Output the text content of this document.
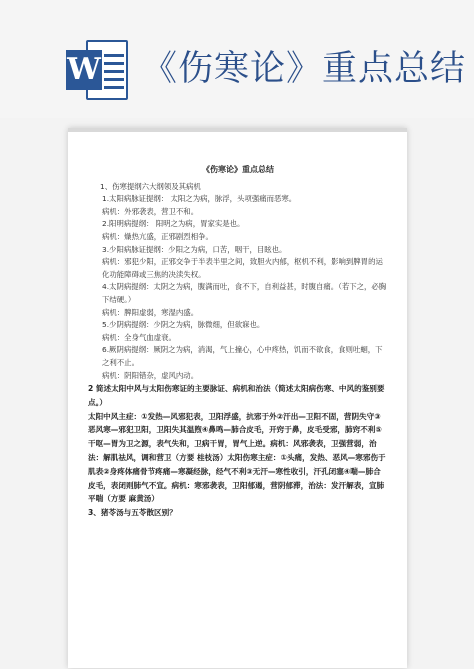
W 《伤寒论》重点总结
《伤寒论》重点总结

1、伤寒提纲六大纲领及其病机

1.太阳病脉证提纲： 太阳之为病，脉浮，头项强痛而恶寒。

病机：外邪袭表，营卫不和。

2.阳明病提纲： 阳明之为病，胃家实是也。

病机：燥热亢盛，正邪剧烈相争。

3.少阳病脉证提纲：少阳之为病，口苦，咽干，目眩也。

病机：邪犯少阳，正邪交争于半表半里之间，致胆火内郁，枢机不利，影响到脾胃的运化功能障碍或三焦的决渎失权。

4.太阴病提纲：太阴之为病，腹满而吐，食不下，自利益甚，时腹自痛。（若下之，必胸下结硬。）

病机：脾阳虚弱，寒湿内盛。

5.少阴病提纲：少阴之为病，脉微细，但欲寐也。

病机：全身气血虚衰。

6.厥阴病提纲：厥阴之为病，消渴，气上撞心，心中疼热，饥而不欲食，食则吐蛔，下之利不止。

病机：阴阳错杂，虚风内动。

2 简述太阳中风与太阳伤寒证的主要脉证、病机和治法（简述太阳病伤寒、中风的鉴别要点。）

太阳中风主症：①发热—风邪犯表，卫阳浮盛，抗邪于外②汗出—卫阳不固，营阴失守③恶风寒—邪犯卫阳，卫阳失其温煦④鼻鸣—肺合皮毛，开窍于鼻，皮毛受邪，肺窍不利⑤干呕—胃为卫之源，表气失和，卫病干胃，胃气上逆。病机：风邪袭表，卫强营弱，治法：解肌祛风，调和营卫（方要 桂枝汤）太阳伤寒主症：①头痛，发热、恶风—寒邪伤于肌表②身疼体痛骨节疼痛—寒凝经脉，经气不利③无汗—寒性收引，汗孔闭塞④喘—肺合皮毛，表闭则肺气不宣。病机：寒邪袭表，卫阳郁遏，营阴郁滞，治法：发汗解表，宣肺平喘（方要 麻黄汤）

3、猪苓汤与五苓散区别？
